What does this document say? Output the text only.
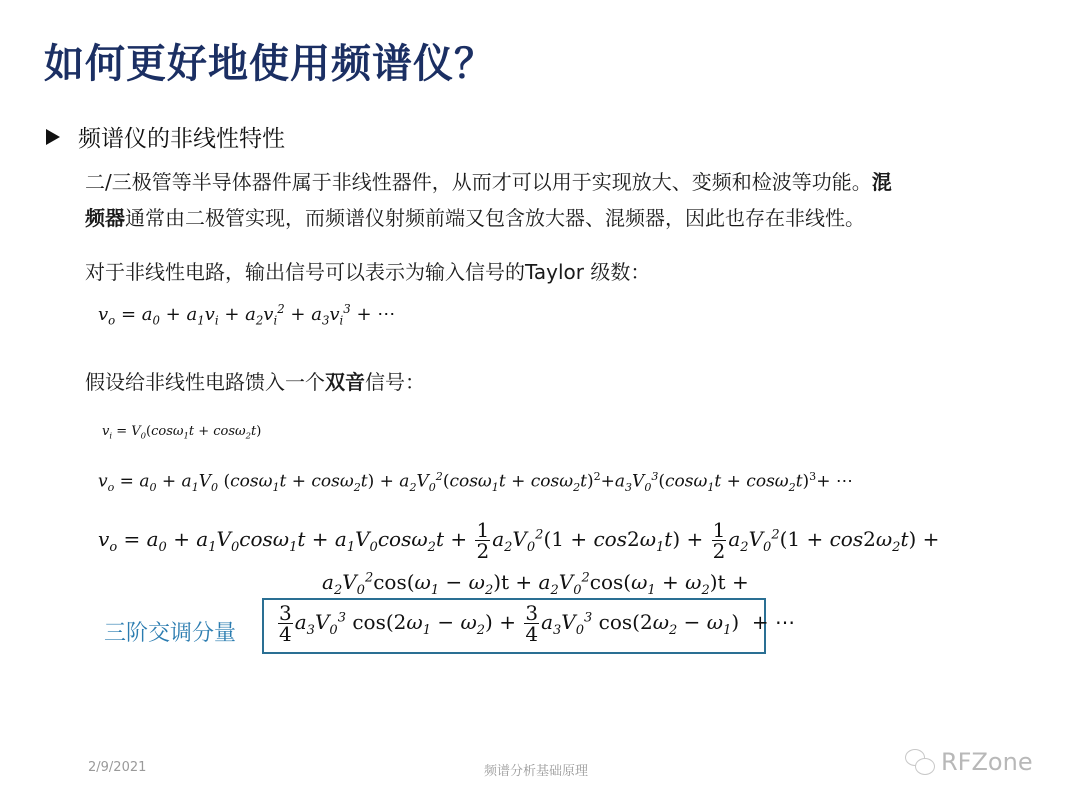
如何更好地使用频谱仪？
频谱仪的非线性特性
二/三极管等半导体器件属于非线性器件，从而才可以用于实现放大、变频和检波等功能。混
频器通常由二极管实现，而频谱仪射频前端又包含放大器、混频器，因此也存在非线性。
对于非线性电路，输出信号可以表示为输入信号的Taylor 级数：
$v_o = a_0 + a_1v_i + a_2v_i^2 + a_3v_i^3$ + ⋯
假设给非线性电路馈入一个双音信号：
$v_i = V_0(\cos\omega_1t + \cos\omega_2t)$
$v_o = a_0 + a_1V_0$ $(\cos\omega_1t + \cos\omega_2t) + a_2V_0^2(\cos\omega_1t + \cos\omega_2t)^2+a_3V_0^3(\cos\omega_1t + \cos\omega_2t)^3+$ ⋯
$v_o = a_0 + a_1V_0\cos\omega_1t + a_1V_0\cos\omega_2t + \frac{1}{2} a_2V_0^2(1 + \cos 2\omega_1t) + \frac{1}{2} a_2V_0^2(1 + \cos 2\omega_2t)$ +
$a_2V_0^2\cos(\omega_1 - \omega_2)t + a_2V_0^2\cos(\omega_1 + \omega_2)t$ +
三阶交调分量 $\frac{3}{4} a_3V_0^3$ $\cos(2\omega_1 - \omega_2) + \frac{3}{4} a_3V_0^3$ $\cos(2\omega_2 - \omega_1)$  + ⋯
2/9/2021	频谱分析基础原理	RFZone
